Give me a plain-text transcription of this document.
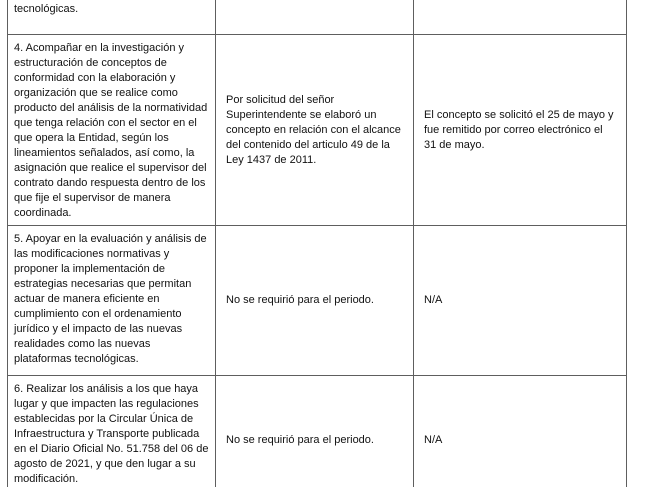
tecnológicas.		

4. Acompañar en la investigación y estructuración de conceptos de conformidad con la elaboración y organización que se realice como producto del análisis de la normatividad que tenga relación con el sector en el que opera la Entidad, según los lineamientos señalados, así como, la asignación que realice el supervisor del contrato dando respuesta dentro de los que fije el supervisor de manera coordinada.	Por solicitud del señor Superintendente se elaboró un concepto en relación con el alcance del contenido del articulo 49 de la Ley 1437 de 2011.	El concepto se solicitó el 25 de mayo y fue remitido por correo electrónico el 31 de mayo.
5. Apoyar en la evaluación y análisis de las modificaciones normativas y proponer la implementación de estrategias necesarias que permitan actuar de manera eficiente en cumplimiento con el ordenamiento jurídico y el impacto de las nuevas realidades como las nuevas plataformas tecnológicas.	No se requirió para el periodo.	N/A
6. Realizar los análisis a los que haya lugar y que impacten las regulaciones establecidas por la Circular Única de Infraestructura y Transporte publicada en el Diario Oficial No. 51.758 del 06 de agosto de 2021, y que den lugar a su modificación.	No se requirió para el periodo.	N/A
